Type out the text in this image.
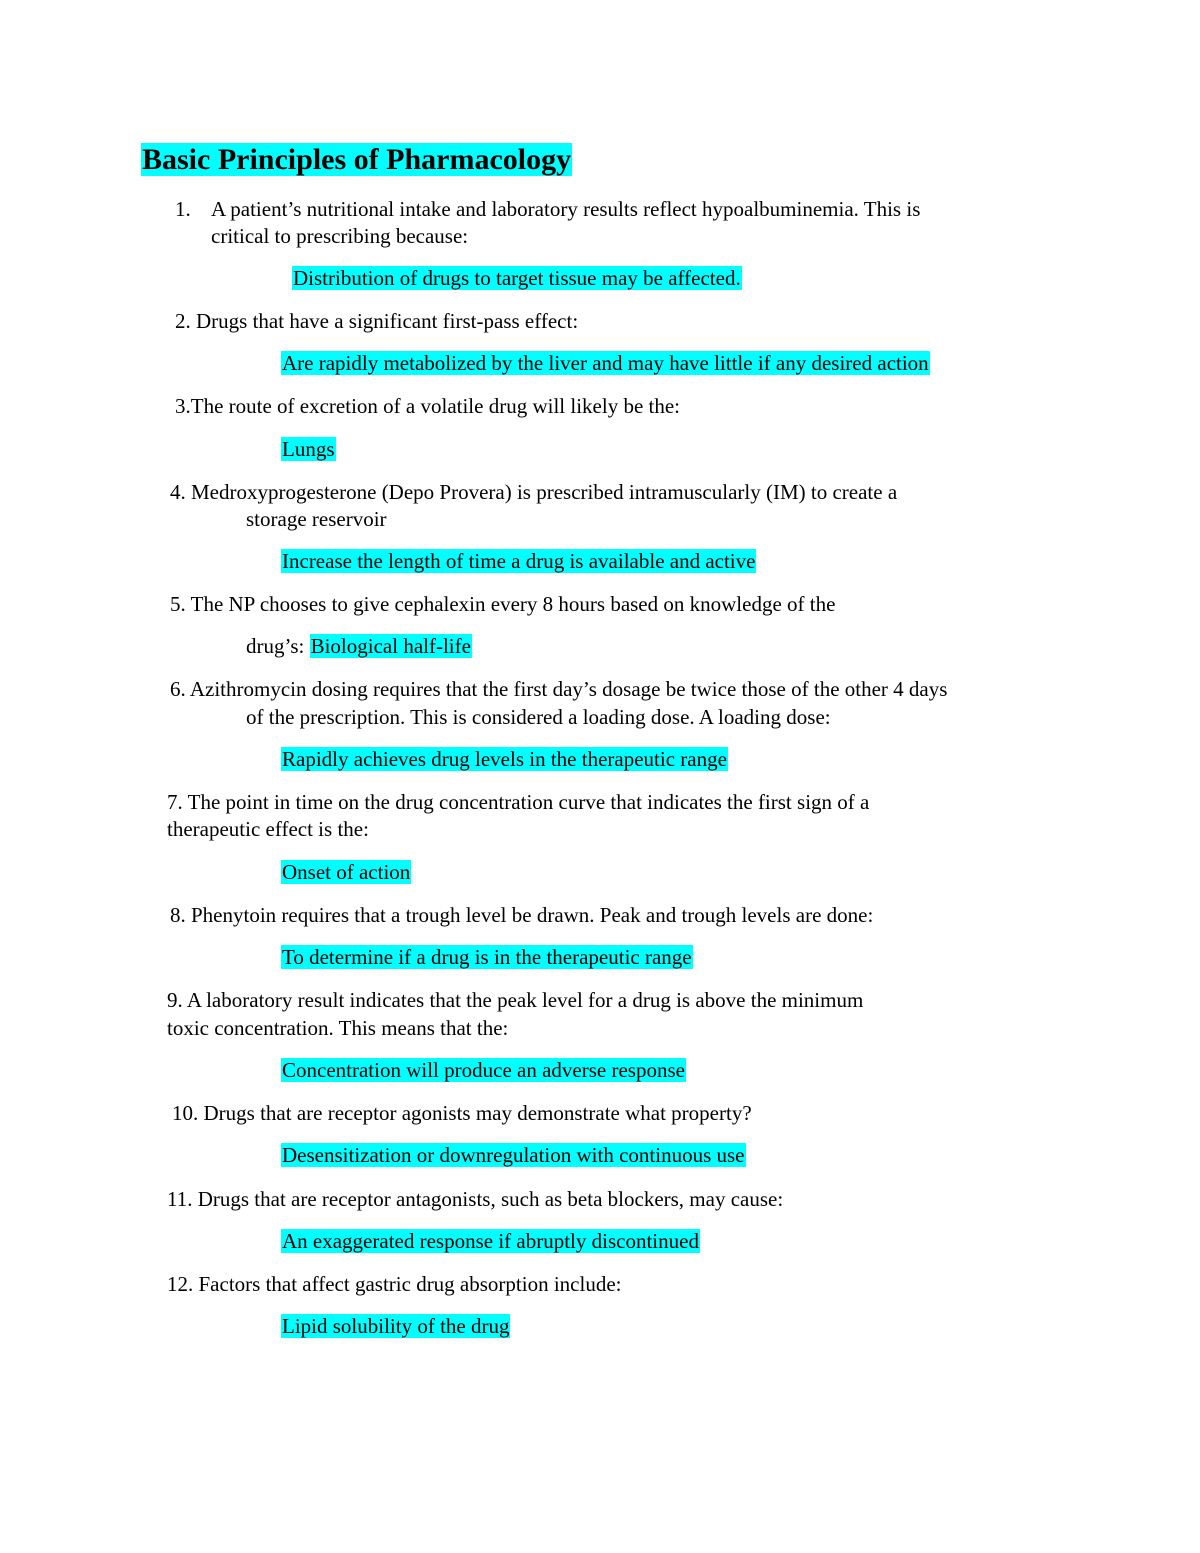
Basic Principles of Pharmacology
1. A patient’s nutritional intake and laboratory results reflect hypoalbuminemia. This is
critical to prescribing because:
Distribution of drugs to target tissue may be affected.
2. Drugs that have a significant first-pass effect:
Are rapidly metabolized by the liver and may have little if any desired action
3.The route of excretion of a volatile drug will likely be the:
Lungs
4. Medroxyprogesterone (Depo Provera) is prescribed intramuscularly (IM) to create a
storage reservoir
Increase the length of time a drug is available and active
5. The NP chooses to give cephalexin every 8 hours based on knowledge of the
drug’s: Biological half-life
6. Azithromycin dosing requires that the first day’s dosage be twice those of the other 4 days
of the prescription. This is considered a loading dose. A loading dose:
Rapidly achieves drug levels in the therapeutic range
7. The point in time on the drug concentration curve that indicates the first sign of a
therapeutic effect is the:
Onset of action
8. Phenytoin requires that a trough level be drawn. Peak and trough levels are done:
To determine if a drug is in the therapeutic range
9. A laboratory result indicates that the peak level for a drug is above the minimum
toxic concentration. This means that the:
Concentration will produce an adverse response
10. Drugs that are receptor agonists may demonstrate what property?
Desensitization or downregulation with continuous use
11. Drugs that are receptor antagonists, such as beta blockers, may cause:
An exaggerated response if abruptly discontinued
12. Factors that affect gastric drug absorption include:
Lipid solubility of the drug
